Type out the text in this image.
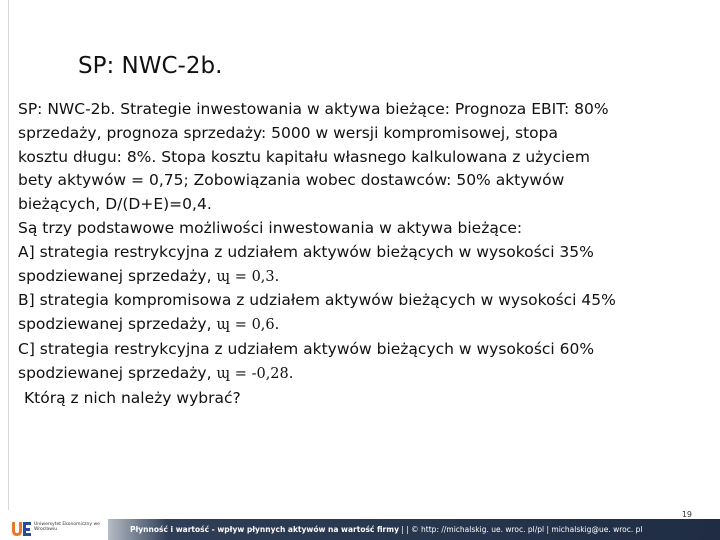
SP: NWC-2b.

SP: NWC-2b. Strategie inwestowania w aktywa bieżące: Prognoza EBIT: 80%

sprzedaży, prognoza sprzedaży: 5000 w wersji kompromisowej, stopa

kosztu długu: 8%. Stopa kosztu kapitału własnego kalkulowana z użyciem

bety aktywów = 0,75; Zobowiązania wobec dostawców: 50% aktywów

bieżących, D/(D+E)=0,4.

Są trzy podstawowe możliwości inwestowania w aktywa bieżące:

A] strategia restrykcyjna z udziałem aktywów bieżących w wysokości 35%

spodziewanej sprzedaży, ɰ = 0,3.

B] strategia kompromisowa z udziałem aktywów bieżących w wysokości 45%

spodziewanej sprzedaży, ɰ = 0,6.

C] strategia restrykcyjna z udziałem aktywów bieżących w wysokości 60%

spodziewanej sprzedaży, ɰ = -0,28.

Którą z nich należy wybrać?

19
Uniwersytet Ekonomiczny we Wrocławiu	Płynność i wartość - wpływ płynnych aktywów na wartość firmy | | © http: //michalskig. ue. wroc. pl/pl | michalskig@ue. wroc. pl
